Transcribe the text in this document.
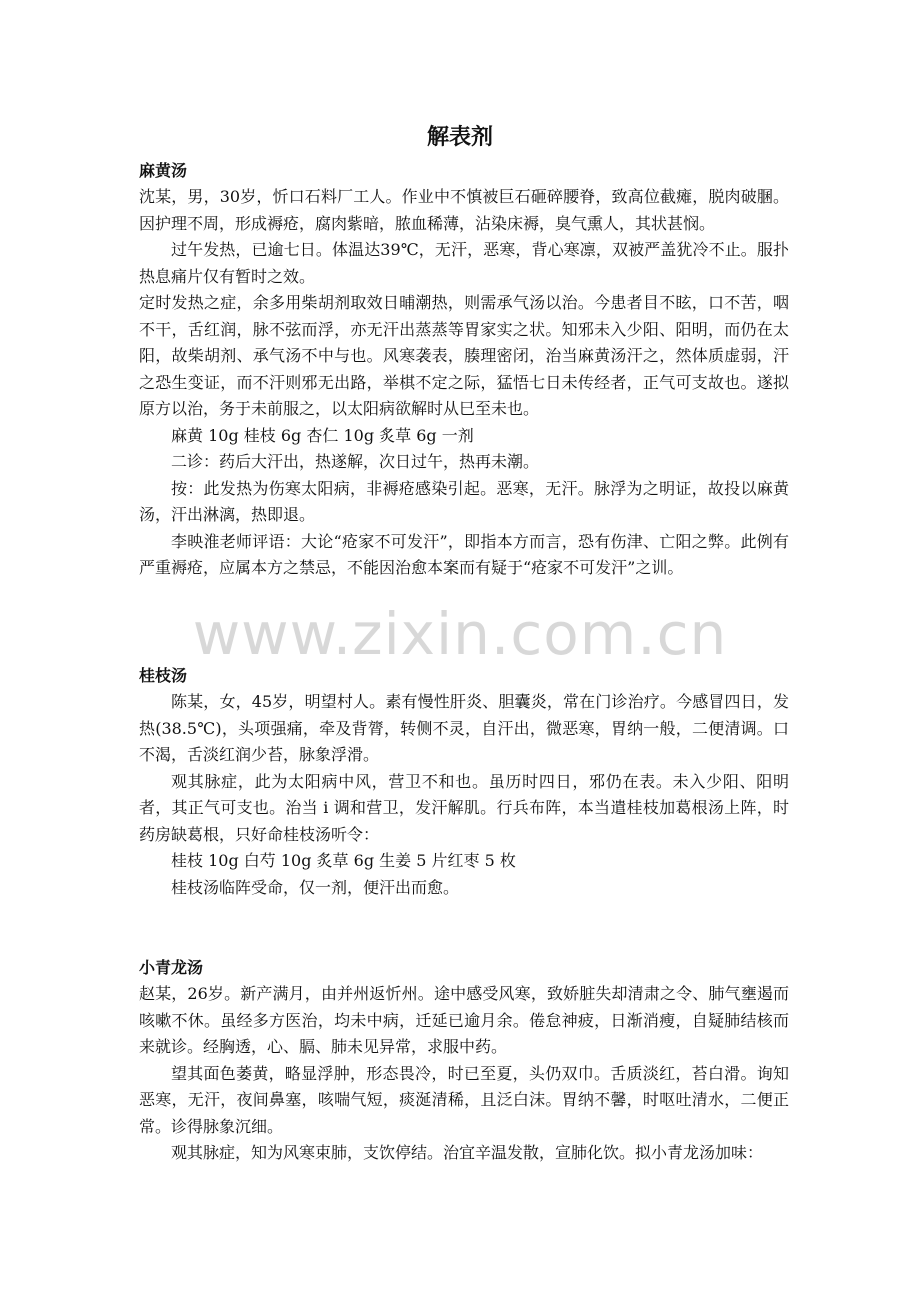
解表剂
麻黄汤

沈某，男，30岁，忻口石料厂工人。作业中不慎被巨石砸碎腰脊，致高位截瘫，脱肉破䐃。因护理不周，形成褥疮，腐肉紫暗，脓血稀薄，沾染床褥，臭气熏人，其状甚悯。

过午发热，已逾七日。体温达39℃，无汗，恶寒，背心寒凛，双被严盖犹冷不止。服扑热息痛片仅有暂时之效。

定时发热之症，余多用柴胡剂取效日晡潮热，则需承气汤以治。今患者目不眩，口不苦，咽不干，舌红润，脉不弦而浮，亦无汗出蒸蒸等胃家实之状。知邪未入少阳、阳明，而仍在太阳，故柴胡剂、承气汤不中与也。风寒袭表，腠理密闭，治当麻黄汤汗之，然体质虚弱，汗之恐生变证，而不汗则邪无出路，举棋不定之际，猛悟七日未传经者，正气可支故也。遂拟原方以治，务于未前服之，以太阳病欲解时从巳至未也。

麻黄 10g 桂枝 6g 杏仁 10g 炙草 6g 一剂

二诊：药后大汗出，热遂解，次日过午，热再未潮。

按：此发热为伤寒太阳病，非褥疮感染引起。恶寒，无汗。脉浮为之明证，故投以麻黄汤，汗出淋漓，热即退。

李映淮老师评语：大论“疮家不可发汗”，即指本方而言，恐有伤津、亡阳之弊。此例有严重褥疮，应属本方之禁忌，不能因治愈本案而有疑于“疮家不可发汗”之训。

www.zixin.com.cn
桂枝汤

陈某，女，45岁，明望村人。素有慢性肝炎、胆囊炎，常在门诊治疗。今感冒四日，发热(38.5℃)，头项强痛，牵及背膂，转侧不灵，自汗出，微恶寒，胃纳一般，二便清调。口不渴，舌淡红润少苔，脉象浮滑。

观其脉症，此为太阳病中风，营卫不和也。虽历时四日，邪仍在表。未入少阳、阳明者，其正气可支也。治当 i 调和营卫，发汗解肌。行兵布阵，本当遣桂枝加葛根汤上阵，时药房缺葛根，只好命桂枝汤听令：

桂枝 10g 白芍 10g 炙草 6g 生姜 5 片红枣 5 枚

桂枝汤临阵受命，仅一剂，便汗出而愈。

小青龙汤

赵某，26岁。新产满月，由并州返忻州。途中感受风寒，致娇脏失却清肃之令、肺气壅遏而咳嗽不休。虽经多方医治，均未中病，迁延已逾月余。倦怠神疲，日渐消瘦，自疑肺结核而来就诊。经胸透，心、膈、肺未见异常，求服中药。

望其面色萎黄，略显浮肿，形态畏冷，时已至夏，头仍双巾。舌质淡红，苔白滑。询知恶寒，无汗，夜间鼻塞，咳喘气短，痰涎清稀，且泛白沫。胃纳不馨，时呕吐清水，二便正常。诊得脉象沉细。

观其脉症，知为风寒束肺，支饮停结。治宜辛温发散，宣肺化饮。拟小青龙汤加味：
